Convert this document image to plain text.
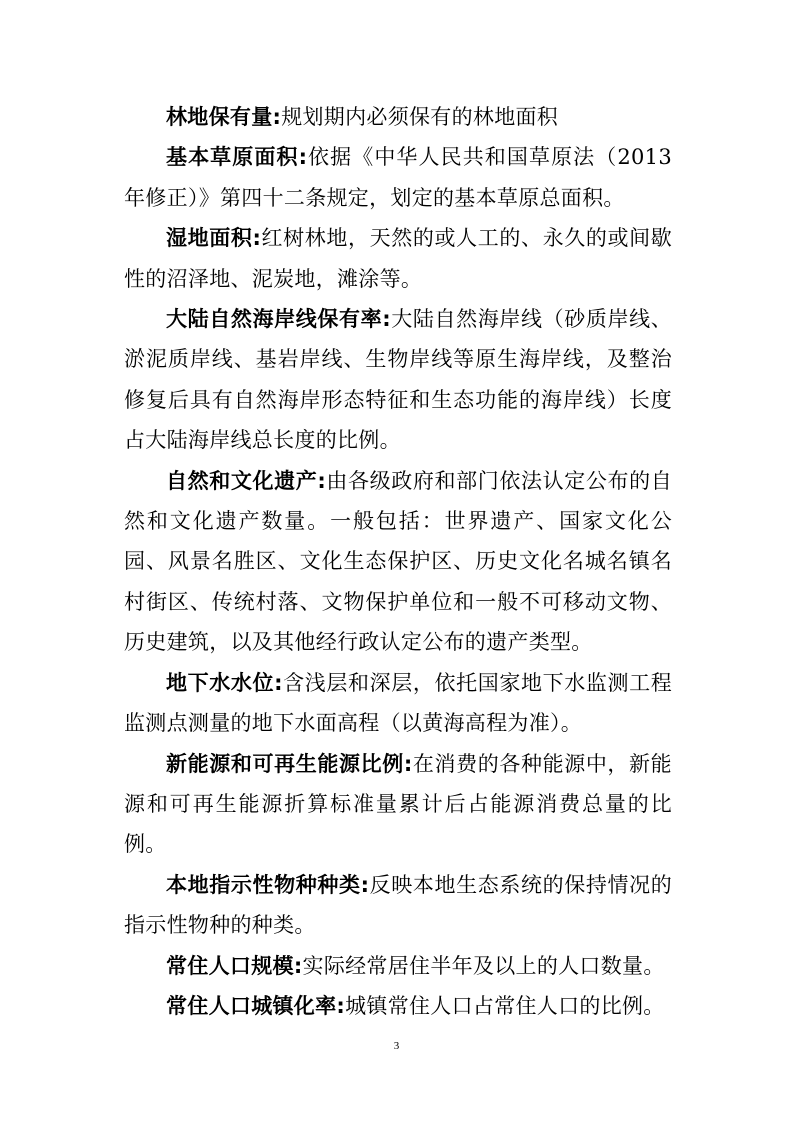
林地保有量:规划期内必须保有的林地面积

基本草原面积:依据《中华人民共和国草原法（2013年修正）》第四十二条规定，划定的基本草原总面积。

湿地面积:红树林地，天然的或人工的、永久的或间歇性的沼泽地、泥炭地，滩涂等。

大陆自然海岸线保有率:大陆自然海岸线（砂质岸线、淤泥质岸线、基岩岸线、生物岸线等原生海岸线，及整治修复后具有自然海岸形态特征和生态功能的海岸线）长度占大陆海岸线总长度的比例。

自然和文化遗产:由各级政府和部门依法认定公布的自然和文化遗产数量。一般包括：世界遗产、国家文化公园、风景名胜区、文化生态保护区、历史文化名城名镇名村街区、传统村落、文物保护单位和一般不可移动文物、历史建筑，以及其他经行政认定公布的遗产类型。

地下水水位:含浅层和深层，依托国家地下水监测工程监测点测量的地下水面高程（以黄海高程为准）。

新能源和可再生能源比例:在消费的各种能源中，新能源和可再生能源折算标准量累计后占能源消费总量的比例。

本地指示性物种种类:反映本地生态系统的保持情况的指示性物种的种类。

常住人口规模:实际经常居住半年及以上的人口数量。

常住人口城镇化率:城镇常住人口占常住人口的比例。

3
